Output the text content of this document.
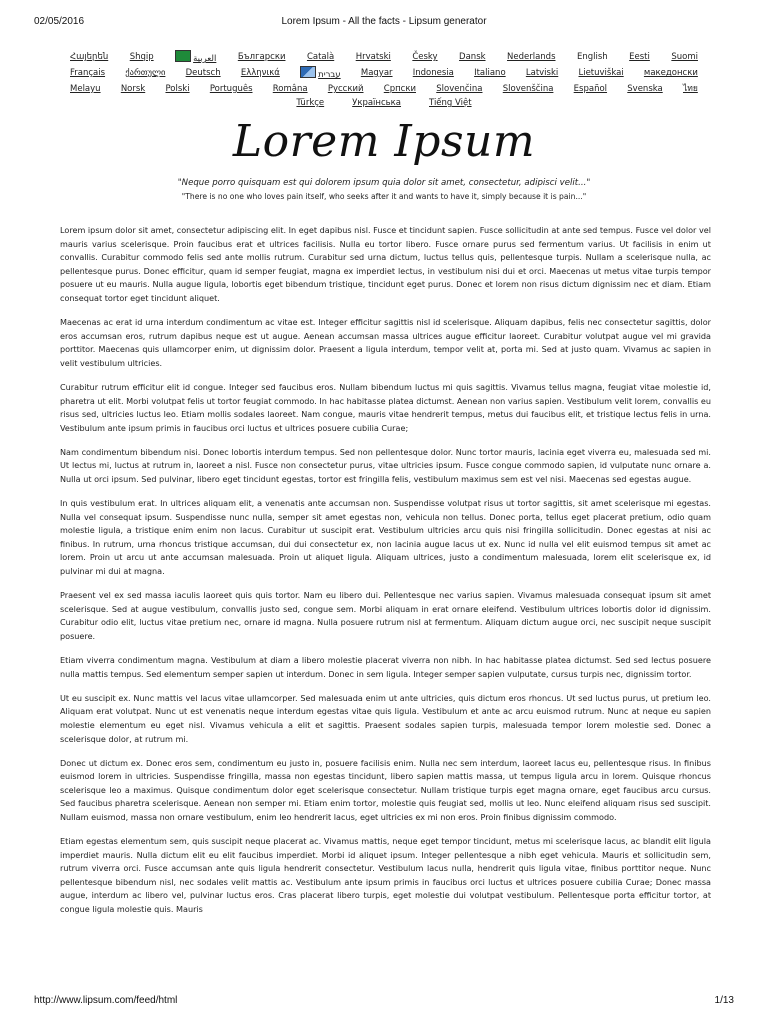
02/05/2016	Lorem Ipsum - All the facts - Lipsum generator
Հայերեն	Shqip	العربية	Български	Català	Hrvatski	Česky	Dansk	Nederlands	English	Eesti	Suomi
Français ქართული Deutsch Ελληνικά	עברית Magyar Indonesia Italiano Latviski Lietuviškai македонски
Melayu Norsk Polski Português Româna Pусский Српски Slovenčina Slovenščina Español Svenska ไทย
Türkçe	Українська	Tiếng Việt
Lorem Ipsum
"Neque porro quisquam est qui dolorem ipsum quia dolor sit amet, consectetur, adipisci velit..."
"There is no one who loves pain itself, who seeks after it and wants to have it, simply because it is pain..."

Lorem ipsum dolor sit amet, consectetur adipiscing elit. In eget dapibus nisl. Fusce et tincidunt sapien. Fusce sollicitudin at ante sed tempus. Fusce vel dolor vel mauris varius scelerisque. Proin faucibus erat et ultrices facilisis. Nulla eu tortor libero. Fusce ornare purus sed fermentum varius. Ut facilisis in enim ut convallis. Curabitur commodo felis sed ante mollis rutrum. Curabitur sed urna dictum, luctus tellus quis, pellentesque turpis. Nullam a scelerisque nulla, ac pellentesque purus. Donec efficitur, quam id semper feugiat, magna ex imperdiet lectus, in vestibulum nisi dui et orci. Maecenas ut metus vitae turpis tempor posuere ut eu mauris. Nulla augue ligula, lobortis eget bibendum tristique, tincidunt eget purus. Donec et lorem non risus dictum dignissim nec et diam. Etiam consequat tortor eget tincidunt aliquet.

Maecenas ac erat id urna interdum condimentum ac vitae est. Integer efficitur sagittis nisl id scelerisque. Aliquam dapibus, felis nec consectetur sagittis, dolor eros accumsan eros, rutrum dapibus neque est ut augue. Aenean accumsan massa ultrices augue efficitur laoreet. Curabitur volutpat augue vel mi gravida porttitor. Maecenas quis ullamcorper enim, ut dignissim dolor. Praesent a ligula interdum, tempor velit at, porta mi. Sed at justo quam. Vivamus ac sapien in velit vestibulum ultricies.

Curabitur rutrum efficitur elit id congue. Integer sed faucibus eros. Nullam bibendum luctus mi quis sagittis. Vivamus tellus magna, feugiat vitae molestie id, pharetra ut elit. Morbi volutpat felis ut tortor feugiat commodo. In hac habitasse platea dictumst. Aenean non varius sapien. Vestibulum velit lorem, convallis eu risus sed, ultricies luctus leo. Etiam mollis sodales laoreet. Nam congue, mauris vitae hendrerit tempus, metus dui faucibus elit, et tristique lectus felis in urna. Vestibulum ante ipsum primis in faucibus orci luctus et ultrices posuere cubilia Curae;

Nam condimentum bibendum nisi. Donec lobortis interdum tempus. Sed non pellentesque dolor. Nunc tortor mauris, lacinia eget viverra eu, malesuada sed mi. Ut lectus mi, luctus at rutrum in, laoreet a nisl. Fusce non consectetur purus, vitae ultricies ipsum. Fusce congue commodo sapien, id vulputate nunc ornare a. Nulla ut orci ipsum. Sed pulvinar, libero eget tincidunt egestas, tortor est fringilla felis, vestibulum maximus sem est vel nisi. Maecenas sed egestas augue.

In quis vestibulum erat. In ultrices aliquam elit, a venenatis ante accumsan non. Suspendisse volutpat risus ut tortor sagittis, sit amet scelerisque mi egestas. Nulla vel consequat ipsum. Suspendisse nunc nulla, semper sit amet egestas non, vehicula non tellus. Donec porta, tellus eget placerat pretium, odio quam molestie ligula, a tristique enim enim non lacus. Curabitur ut suscipit erat. Vestibulum ultricies arcu quis nisi fringilla sollicitudin. Donec egestas at nisi ac finibus. In rutrum, urna rhoncus tristique accumsan, dui dui consectetur ex, non lacinia augue lacus ut ex. Nunc id nulla vel elit euismod tempus sit amet ac lorem. Proin ut arcu ut ante accumsan malesuada. Proin ut aliquet ligula. Aliquam ultrices, justo a condimentum malesuada, lorem elit scelerisque ex, id pulvinar mi dui at magna.

Praesent vel ex sed massa iaculis laoreet quis quis tortor. Nam eu libero dui. Pellentesque nec varius sapien. Vivamus malesuada consequat ipsum sit amet scelerisque. Sed at augue vestibulum, convallis justo sed, congue sem. Morbi aliquam in erat ornare eleifend. Vestibulum ultrices lobortis dolor id dignissim. Curabitur odio elit, luctus vitae pretium nec, ornare id magna. Nulla posuere rutrum nisl at fermentum. Aliquam dictum augue orci, nec suscipit neque suscipit posuere.

Etiam viverra condimentum magna. Vestibulum at diam a libero molestie placerat viverra non nibh. In hac habitasse platea dictumst. Sed sed lectus posuere nulla mattis tempus. Sed elementum semper sapien ut interdum. Donec in sem ligula. Integer semper sapien vulputate, cursus turpis nec, dignissim tortor.

Ut eu suscipit ex. Nunc mattis vel lacus vitae ullamcorper. Sed malesuada enim ut ante ultricies, quis dictum eros rhoncus. Ut sed luctus purus, ut pretium leo. Aliquam erat volutpat. Nunc ut est venenatis neque interdum egestas vitae quis ligula. Vestibulum et ante ac arcu euismod rutrum. Nunc at neque eu sapien molestie elementum eu eget nisl. Vivamus vehicula a elit et sagittis. Praesent sodales sapien turpis, malesuada tempor lorem molestie sed. Donec a scelerisque dolor, at rutrum mi.

Donec ut dictum ex. Donec eros sem, condimentum eu justo in, posuere facilisis enim. Nulla nec sem interdum, laoreet lacus eu, pellentesque risus. In finibus euismod lorem in ultricies. Suspendisse fringilla, massa non egestas tincidunt, libero sapien mattis massa, ut tempus ligula arcu in lorem. Quisque rhoncus scelerisque leo a maximus. Quisque condimentum dolor eget scelerisque consectetur. Nullam tristique turpis eget magna ornare, eget faucibus arcu cursus. Sed faucibus pharetra scelerisque. Aenean non semper mi. Etiam enim tortor, molestie quis feugiat sed, mollis ut leo. Nunc eleifend aliquam risus sed suscipit. Nullam euismod, massa non ornare vestibulum, enim leo hendrerit lacus, eget ultricies ex mi non eros. Proin finibus dignissim commodo.

Etiam egestas elementum sem, quis suscipit neque placerat ac. Vivamus mattis, neque eget tempor tincidunt, metus mi scelerisque lacus, ac blandit elit ligula imperdiet mauris. Nulla dictum elit eu elit faucibus imperdiet. Morbi id aliquet ipsum. Integer pellentesque a nibh eget vehicula. Mauris et sollicitudin sem, rutrum viverra orci. Fusce accumsan ante quis ligula hendrerit consectetur. Vestibulum lacus nulla, hendrerit quis ligula vitae, finibus porttitor neque. Nunc pellentesque bibendum nisl, nec sodales velit mattis ac. Vestibulum ante ipsum primis in faucibus orci luctus et ultrices posuere cubilia Curae; Donec massa augue, interdum ac libero vel, pulvinar luctus eros. Cras placerat libero turpis, eget molestie dui volutpat vestibulum. Pellentesque porta efficitur tortor, at congue ligula molestie quis. Mauris

http://www.lipsum.com/feed/html	1/13
